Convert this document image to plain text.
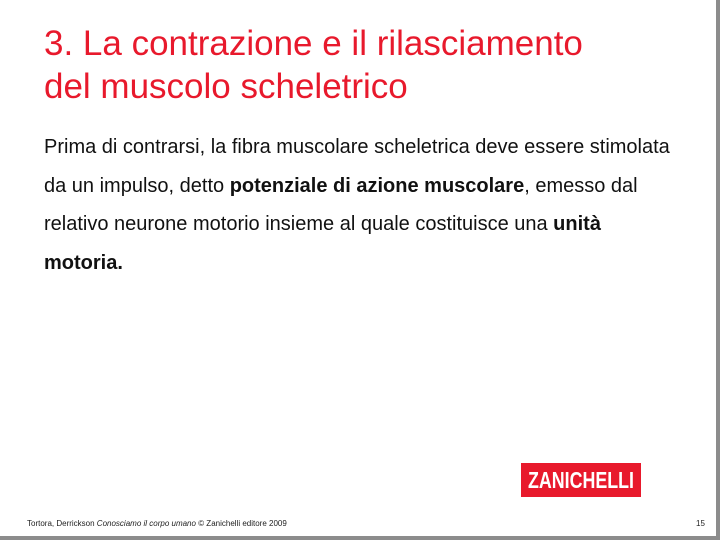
3. La contrazione e il rilasciamento
del muscolo scheletrico
Prima di contrarsi, la fibra muscolare scheletrica deve essere stimolata da un impulso, detto potenziale di azione muscolare, emesso dal relativo neurone motorio insieme al quale costituisce una unità motoria.
ZANICHELLI
Tortora, Derrickson Conosciamo il corpo umano © Zanichelli editore 2009	15
